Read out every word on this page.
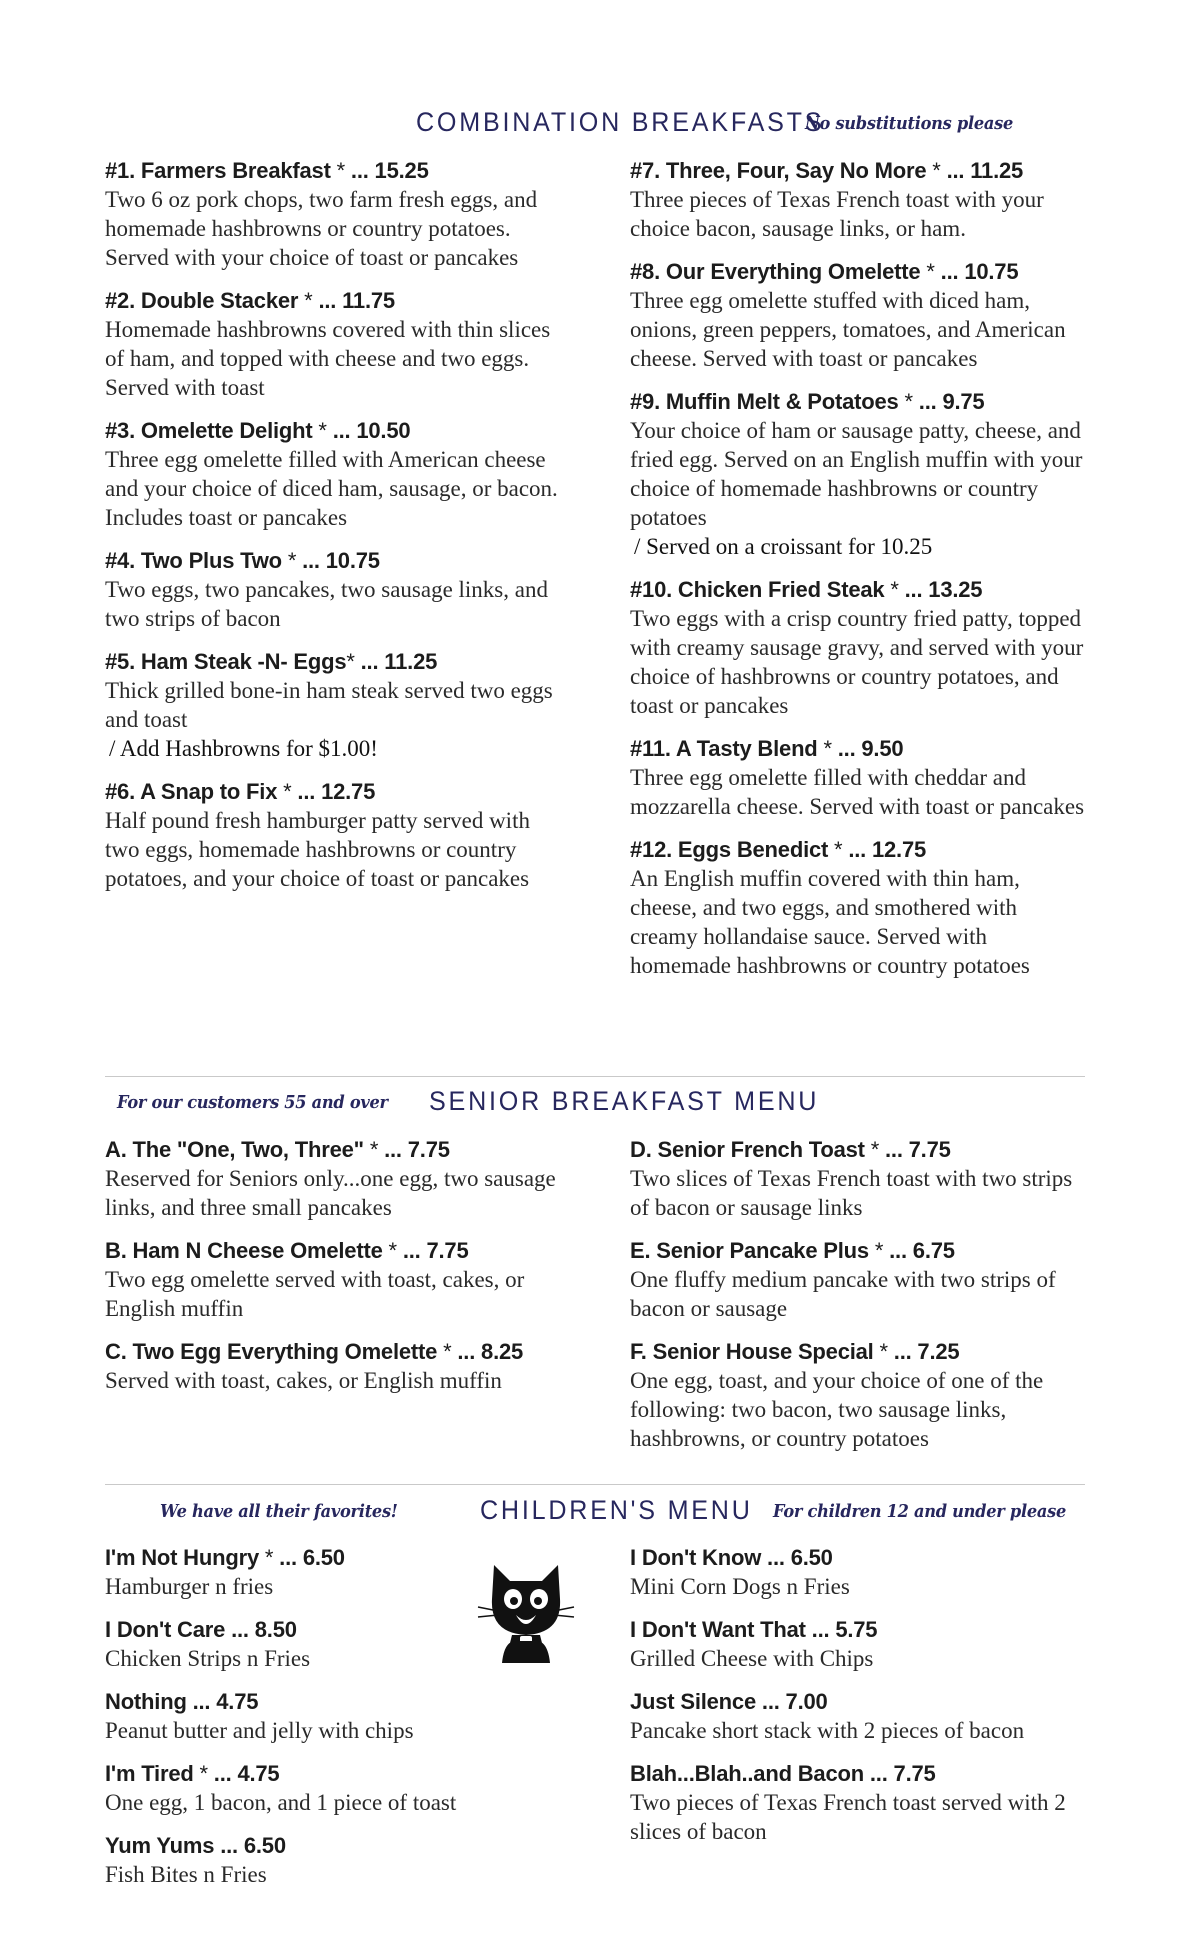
COMBINATION BREAKFASTS
No substitutions please
#1. Farmers Breakfast * ... 15.25
Two 6 oz pork chops, two farm fresh eggs, and homemade hashbrowns or country potatoes. Served with your choice of toast or pancakes
#2. Double Stacker * ... 11.75
Homemade hashbrowns covered with thin slices of ham, and topped with cheese and two eggs. Served with toast
#3. Omelette Delight * ... 10.50
Three egg omelette filled with American cheese and your choice of diced ham, sausage, or bacon. Includes toast or pancakes
#4. Two Plus Two * ... 10.75
Two eggs, two pancakes, two sausage links, and two strips of bacon
#5. Ham Steak -N- Eggs* ... 11.25
Thick grilled bone-in ham steak served two eggs and toast
/ Add Hashbrowns for $1.00!
#6. A Snap to Fix * ... 12.75
Half pound fresh hamburger patty served with two eggs, homemade hashbrowns or country potatoes, and your choice of toast or pancakes
#7. Three, Four, Say No More * ... 11.25
Three pieces of Texas French toast with your choice bacon, sausage links, or ham.
#8. Our Everything Omelette * ... 10.75
Three egg omelette stuffed with diced ham, onions, green peppers, tomatoes, and American cheese. Served with toast or pancakes
#9. Muffin Melt & Potatoes * ... 9.75
Your choice of ham or sausage patty, cheese, and fried egg. Served on an English muffin with your choice of homemade hashbrowns or country potatoes
/ Served on a croissant for 10.25
#10. Chicken Fried Steak * ... 13.25
Two eggs with a crisp country fried patty, topped with creamy sausage gravy, and served with your choice of hashbrowns or country potatoes, and toast or pancakes
#11. A Tasty Blend * ... 9.50
Three egg omelette filled with cheddar and mozzarella cheese. Served with toast or pancakes
#12. Eggs Benedict * ... 12.75
An English muffin covered with thin ham, cheese, and two eggs, and smothered with creamy hollandaise sauce. Served with homemade hashbrowns or country potatoes
For our customers 55 and over SENIOR BREAKFAST MENU
A. The "One, Two, Three" * ... 7.75
Reserved for Seniors only...one egg, two sausage links, and three small pancakes
B. Ham N Cheese Omelette * ... 7.75
Two egg omelette served with toast, cakes, or English muffin
C. Two Egg Everything Omelette * ... 8.25
Served with toast, cakes, or English muffin
D. Senior French Toast * ... 7.75
Two slices of Texas French toast with two strips of bacon or sausage links
E. Senior Pancake Plus * ... 6.75
One fluffy medium pancake with two strips of bacon or sausage
F. Senior House Special * ... 7.25
One egg, toast, and your choice of one of the following: two bacon, two sausage links, hashbrowns, or country potatoes
We have all their favorites!	CHILDREN'S MENU For children 12 and under please
I'm Not Hungry * ... 6.50
Hamburger n fries
I Don't Care ... 8.50
Chicken Strips n Fries
Nothing ... 4.75
Peanut butter and jelly with chips
I'm Tired * ... 4.75
One egg, 1 bacon, and 1 piece of toast
Yum Yums ... 6.50
Fish Bites n Fries
I Don't Know ... 6.50
Mini Corn Dogs n Fries
I Don't Want That ... 5.75
Grilled Cheese with Chips
Just Silence ... 7.00
Pancake short stack with 2 pieces of bacon
Blah...Blah..and Bacon ... 7.75
Two pieces of Texas French toast served with 2 slices of bacon
